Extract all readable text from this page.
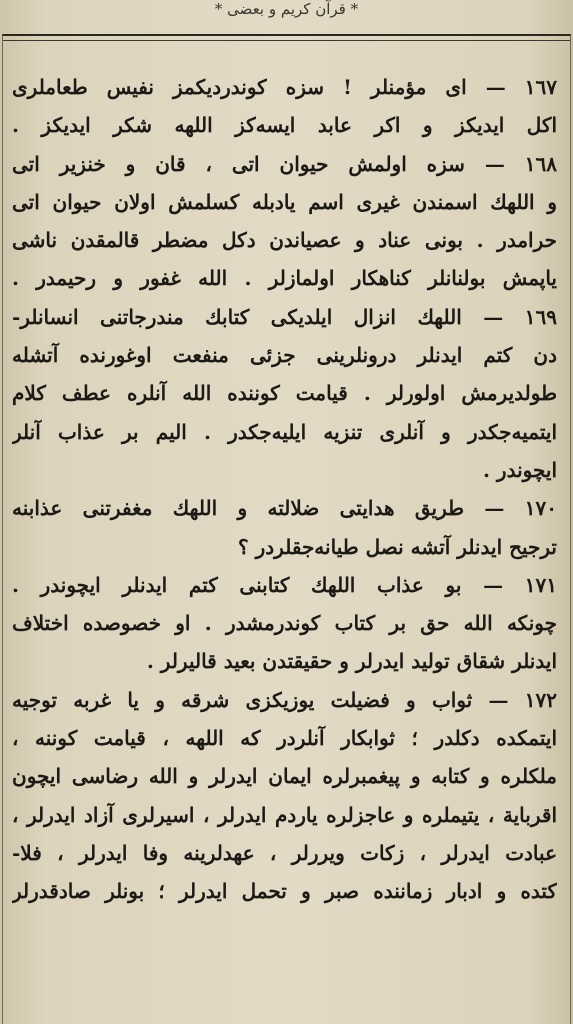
* قرآن كريم و بعضى *
١٦٧ — اى مؤمنلر ! سزه كوندرديكمز نفيس طعاملرى
اكل ايديكز و اكر عابد ايسه‌كز اللهه شكر ايديكز .
١٦٨ — سزه اولمش حيوان اتى ، قان و خنزير اتى
و اللهك اسمندن غيرى اسم يادبله كسلمش اولان حيوان اتى
حرامدر . بونى عناد و عصياندن دكل مضطر قالمقدن ناشى
ياپمش بولنانلر كناهكار اولمازلر . الله غفور و رحيمدر .
١٦٩ — اللهك انزال ايلديكى كتابك مندرجاتنى انسانلر-
دن كتم ايدنلر درونلرينى جزئى منفعت اوغورنده آتشله
طولديرمش اولورلر . قيامت كوننده الله آنلره عطف كلام
ايتميه‌جكدر و آنلرى تنزيه ايليه‌جكدر . اليم بر عذاب آنلر
ايچوندر .
١٧٠ — طريق هدايتى ضلالته و اللهك مغفرتنى عذابنه
ترجيح ايدنلر آتشه نصل طيانه‌جقلردر ؟
١٧١ — بو عذاب اللهك كتابنى كتم ايدنلر ايچوندر .
چونكه الله حق بر كتاب كوندرمشدر . او خصوصده اختلاف
ايدنلر شقاق توليد ايدرلر و حقيقتدن بعيد قاليرلر .
١٧٢ — ثواب و فضيلت يوزيكزى شرقه و يا غربه توجيه
ايتمكده دكلدر ؛ ثوابكار آنلردر كه اللهه ، قيامت كوننه ،
ملكلره و كتابه و پيغمبرلره ايمان ايدرلر و الله رضاسى ايچون
اقرباية ، يتيملره و عاجزلره ياردم ايدرلر ، اسيرلرى آزاد ايدرلر ،
عبادت ايدرلر ، زكات ويررلر ، عهدلرينه وفا ايدرلر ، فلا-
كتده و ادبار زماننده صبر و تحمل ايدرلر ؛ بونلر صادقدرلر
